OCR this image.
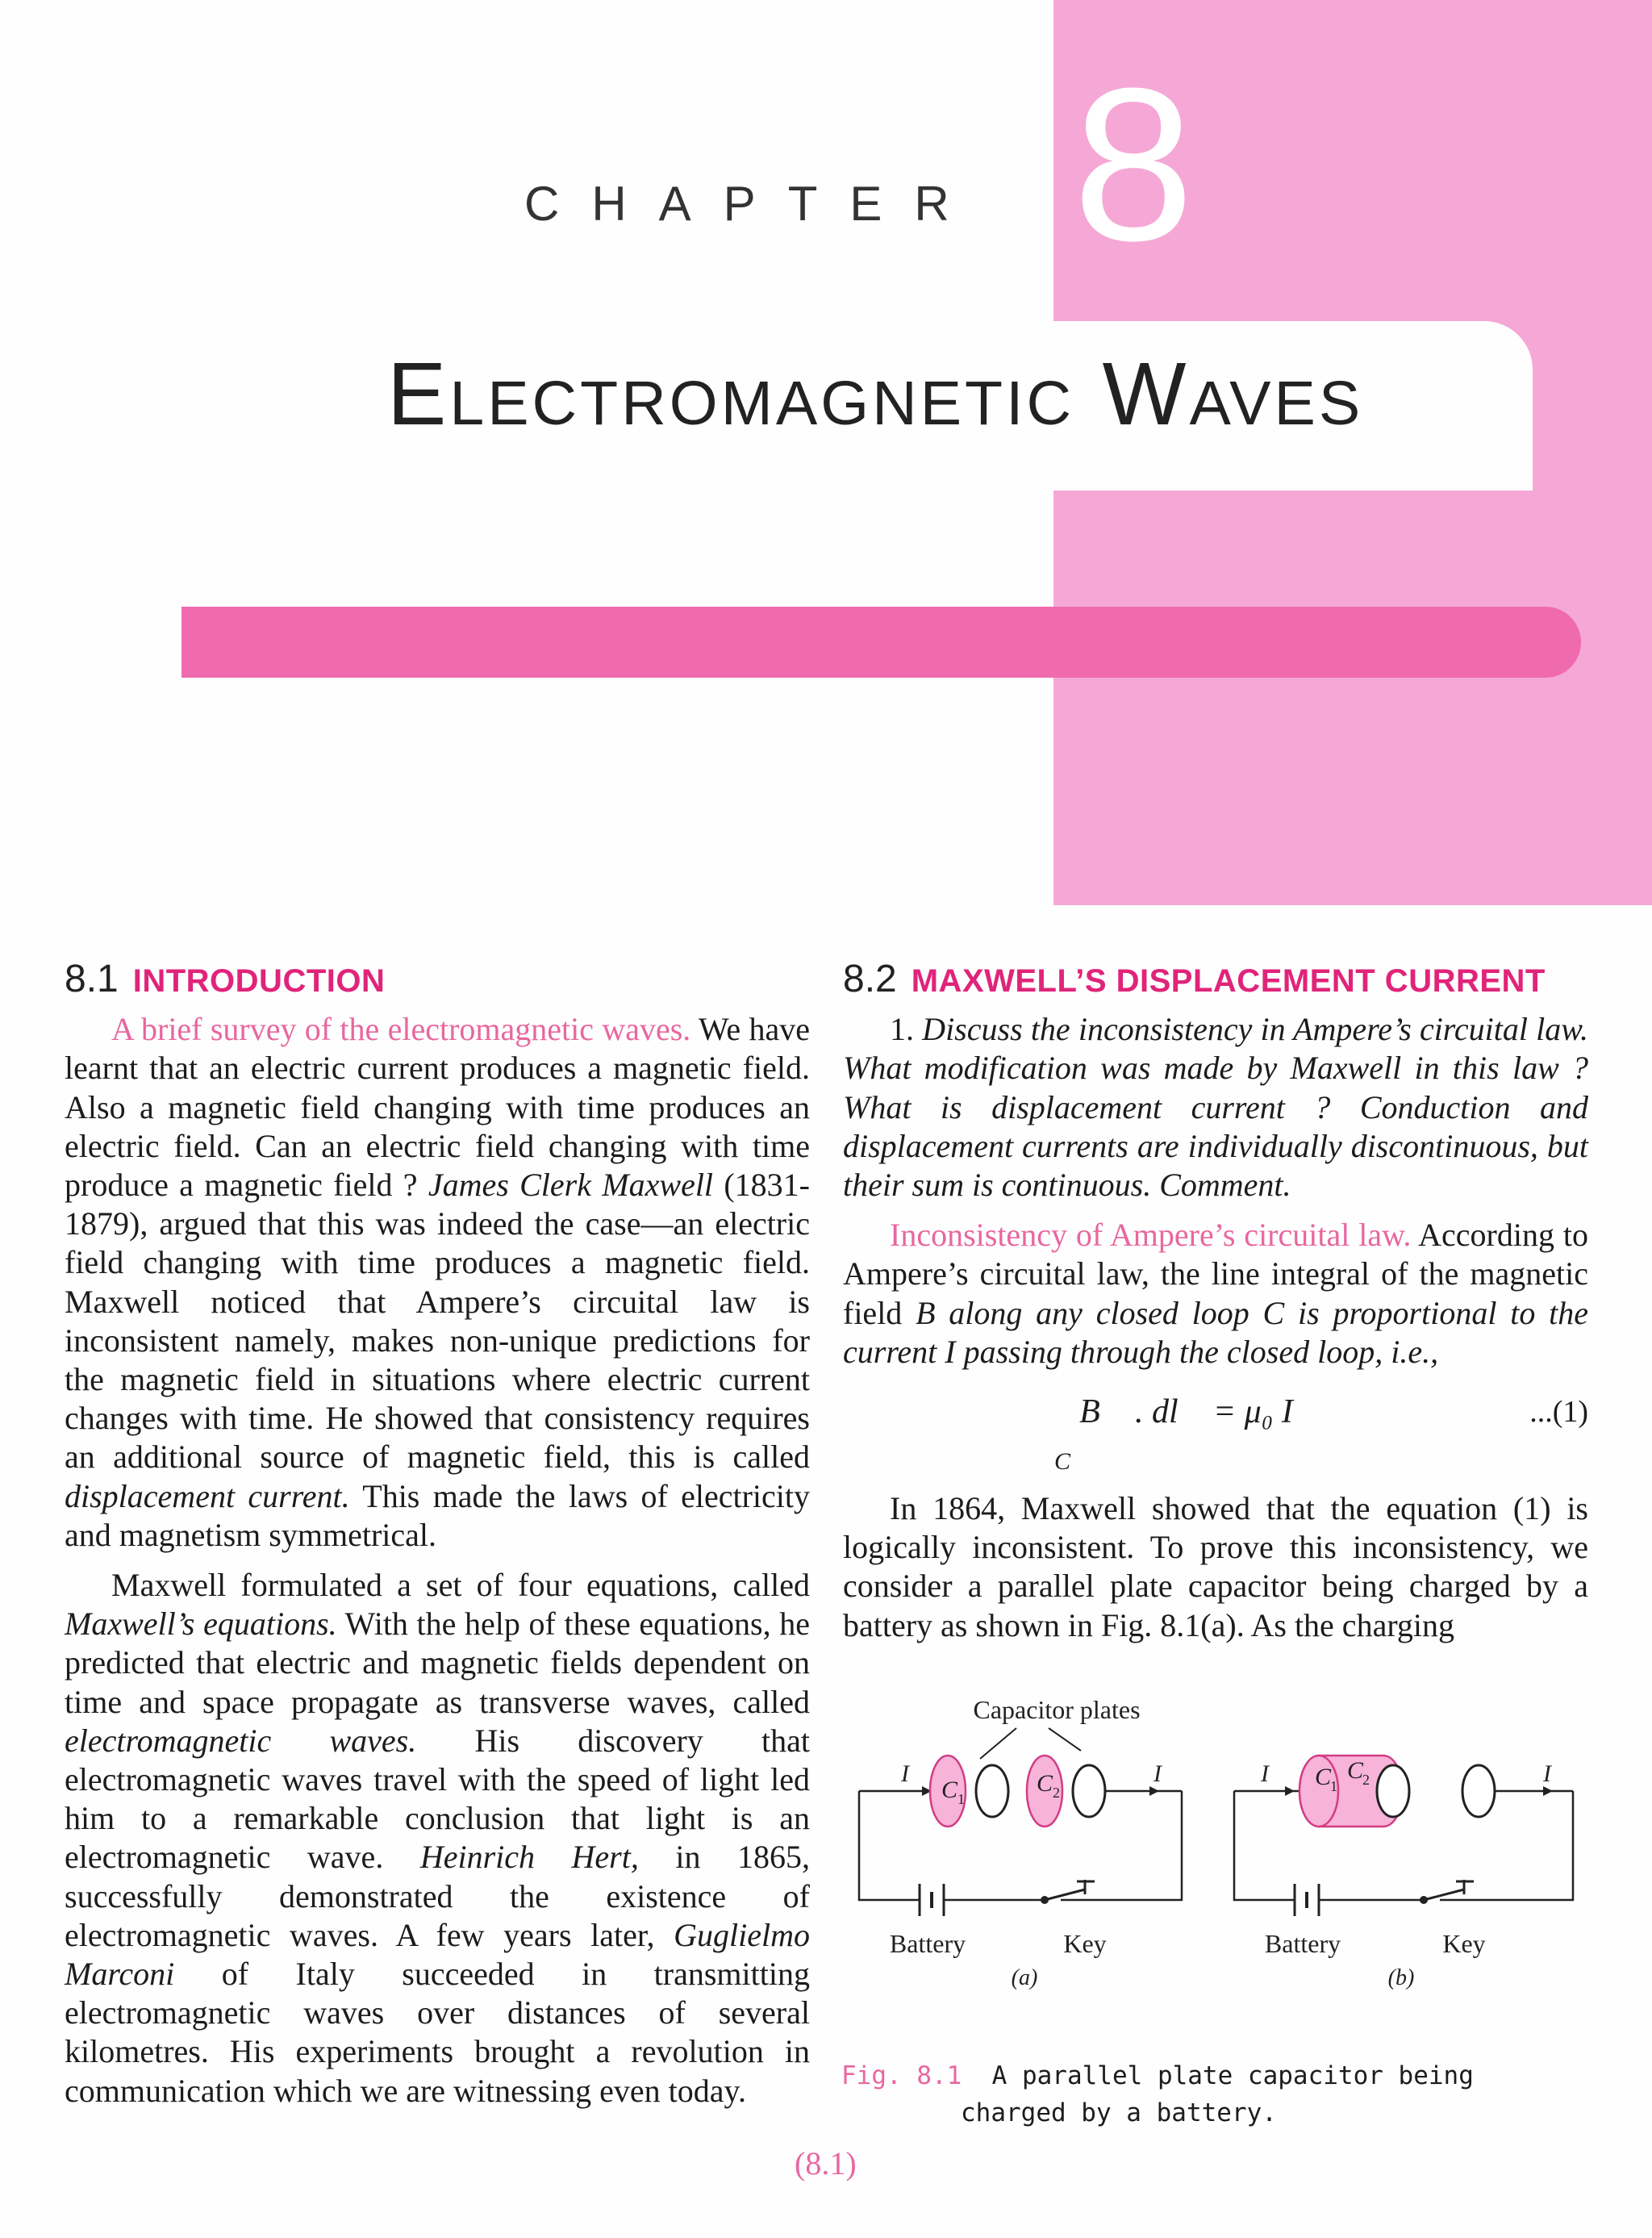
CHAPTER 8
Electromagnetic Waves
8.1 INTRODUCTION

A brief survey of the electromagnetic waves. We have learnt that an electric current produces a magnetic field. Also a magnetic field changing with time produces an electric field. Can an electric field changing with time produce a magnetic field ? James Clerk Maxwell (1831-1879), argued that this was indeed the case—an electric field changing with time produces a magnetic field. Maxwell noticed that Ampere’s circuital law is inconsistent namely, makes non-unique predictions for the magnetic field in situations where electric current changes with time. He showed that consistency requires an additional source of magnetic field, this is called displacement current. This made the laws of electricity and magnetism symmetrical.

Maxwell formulated a set of four equations, called Maxwell’s equations. With the help of these equations, he predicted that electric and magnetic fields dependent on time and space propagate as transverse waves, called electromagnetic waves. His discovery that electromagnetic waves travel with the speed of light led him to a remarkable conclusion that light is an electromagnetic wave. Heinrich Hert, in 1865, successfully demonstrated the existence of electromagnetic waves. A few years later, Guglielmo Marconi of Italy succeeded in transmitting electromagnetic waves over distances of several kilometres. His experiments brought a revolution in communication which we are witnessing even today.

8.2 MAXWELL’S DISPLACEMENT CURRENT

1. Discuss the inconsistency in Ampere’s circuital law. What modification was made by Maxwell in this law ? What is displacement current ? Conduction and displacement currents are individually discontinuous, but their sum is continuous. Comment.

Inconsistency of Ampere’s circuital law. According to Ampere’s circuital law, the line integral of the magnetic field B along any closed loop C is proportional to the current I passing through the closed loop, i.e.,

∮ B⃗ . dl⃗ = μ₀ I
C
...(1)

In 1864, Maxwell showed that the equation (1) is logically inconsistent. To prove this inconsistency, we consider a parallel plate capacitor being charged by a battery as shown in Fig. 8.1(a). As the charging

Capacitor plates
I
C 1
C 2
I
Battery	Key
(a)
I C
1
C
2	I
Battery	Key
(b)
Fig. 8.1 A parallel plate capacitor being
charged by a battery.
(8.1)
